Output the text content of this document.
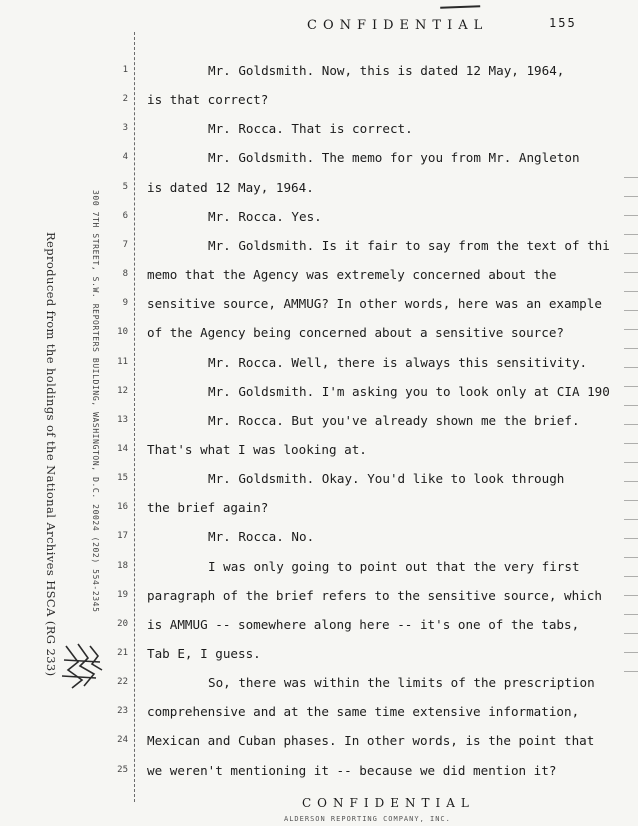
CONFIDENTIAL	155
Reproduced from the holdings of the National Archives HSCA (RG 233)	300 7TH STREET, S.W. REPORTERS BUILDING, WASHINGTON, D.C. 20024 (202) 554-2345
1	Mr. Goldsmith. Now, this is dated 12 May, 1964,
2 is that correct?
3	Mr. Rocca. That is correct.
4	Mr. Goldsmith. The memo for you from Mr. Angleton
5 is dated 12 May, 1964.
6	Mr. Rocca. Yes.
7	Mr. Goldsmith. Is it fair to say from the text of thi
8 memo that the Agency was extremely concerned about the
9 sensitive source, AMMUG? In other words, here was an example
10 of the Agency being concerned about a sensitive source?
11	Mr. Rocca. Well, there is always this sensitivity.
12	Mr. Goldsmith. I'm asking you to look only at CIA 190
13	Mr. Rocca. But you've already shown me the brief.
14 That's what I was looking at.
15	Mr. Goldsmith. Okay. You'd like to look through
16 the brief again?
17	Mr. Rocca. No.
18	I was only going to point out that the very first
19 paragraph of the brief refers to the sensitive source, which
20 is AMMUG -- somewhere along here -- it's one of the tabs,
21 Tab E, I guess.
22	So, there was within the limits of the prescription
23 comprehensive and at the same time extensive information,
24 Mexican and Cuban phases. In other words, is the point that
25 we weren't mentioning it -- because we did mention it?
CONFIDENTIAL
ALDERSON REPORTING COMPANY, INC.
